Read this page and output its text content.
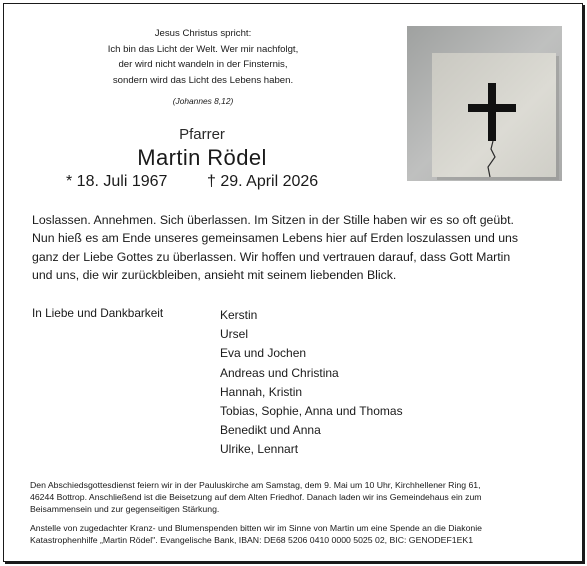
Jesus Christus spricht:
Ich bin das Licht der Welt. Wer mir nachfolgt,
der wird nicht wandeln in der Finsternis,
sondern wird das Licht des Lebens haben.
(Johannes 8,12)
Pfarrer
Martin Rödel
* 18. Juli 1967 † 29. April 2026
Loslassen. Annehmen. Sich überlassen. Im Sitzen in der Stille haben wir es so oft geübt.
Nun hieß es am Ende unseres gemeinsamen Lebens hier auf Erden loszulassen und uns
ganz der Liebe Gottes zu überlassen. Wir hoffen und vertrauen darauf, dass Gott Martin
und uns, die wir zurückbleiben, ansieht mit seinem liebenden Blick.
In Liebe und Dankbarkeit	Kerstin
Ursel
Eva und Jochen
Andreas und Christina
Hannah, Kristin
Tobias, Sophie, Anna und Thomas
Benedikt und Anna
Ulrike, Lennart
Den Abschiedsgottesdienst feiern wir in der Pauluskirche am Samstag, dem 9. Mai um 10 Uhr, Kirchhellener Ring 61,
46244 Bottrop. Anschließend ist die Beisetzung auf dem Alten Friedhof. Danach laden wir ins Gemeindehaus ein zum
Beisammensein und zur gegenseitigen Stärkung.
Anstelle von zugedachter Kranz- und Blumenspenden bitten wir im Sinne von Martin um eine Spende an die Diakonie
Katastrophenhilfe „Martin Rödel". Evangelische Bank, IBAN: DE68 5206 0410 0000 5025 02, BIC: GENODEF1EK1
